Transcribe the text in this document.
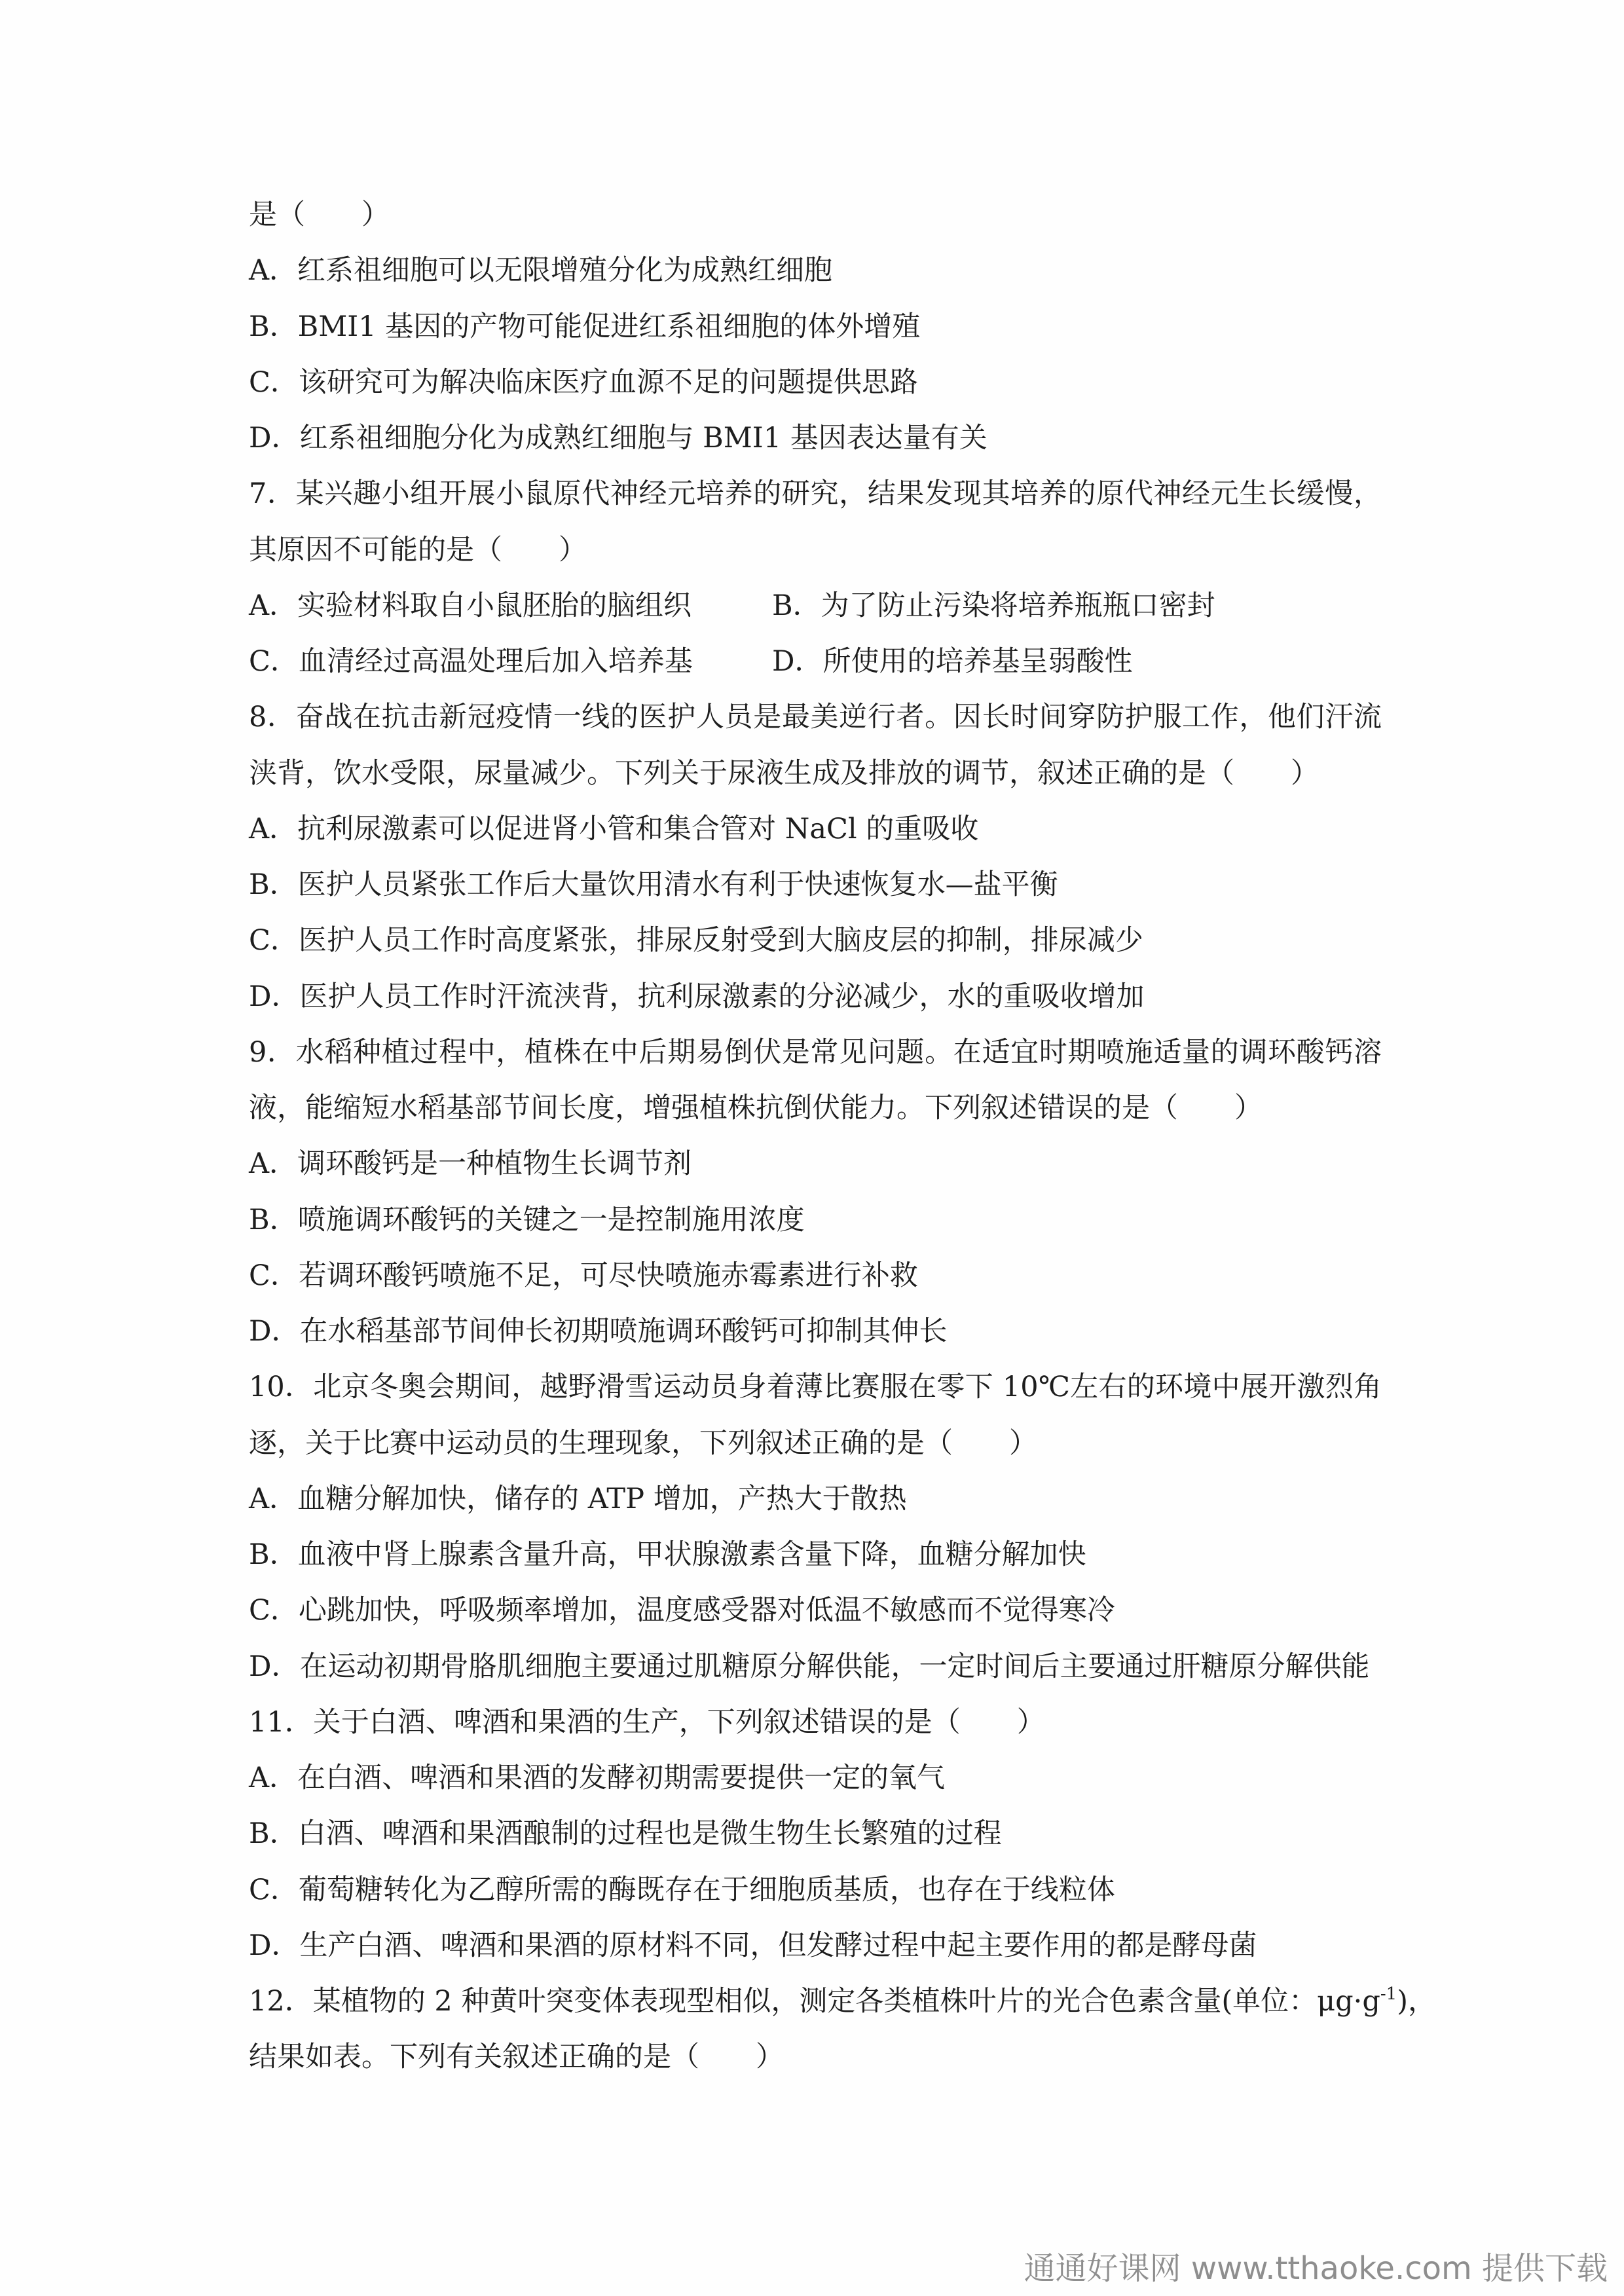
是（　　）
A．红系祖细胞可以无限增殖分化为成熟红细胞
B．BMI1 基因的产物可能促进红系祖细胞的体外增殖
C．该研究可为解决临床医疗血源不足的问题提供思路
D．红系祖细胞分化为成熟红细胞与 BMI1 基因表达量有关
7．某兴趣小组开展小鼠原代神经元培养的研究，结果发现其培养的原代神经元生长缓慢，
其原因不可能的是（　　）
A．实验材料取自小鼠胚胎的脑组织	B．为了防止污染将培养瓶瓶口密封
C．血清经过高温处理后加入培养基	D．所使用的培养基呈弱酸性
8．奋战在抗击新冠疫情一线的医护人员是最美逆行者。因长时间穿防护服工作，他们汗流
浃背，饮水受限，尿量减少。下列关于尿液生成及排放的调节，叙述正确的是（　　）
A．抗利尿激素可以促进肾小管和集合管对 NaCl 的重吸收
B．医护人员紧张工作后大量饮用清水有利于快速恢复水—盐平衡
C．医护人员工作时高度紧张，排尿反射受到大脑皮层的抑制，排尿减少
D．医护人员工作时汗流浃背，抗利尿激素的分泌减少，水的重吸收增加
9．水稻种植过程中，植株在中后期易倒伏是常见问题。在适宜时期喷施适量的调环酸钙溶
液，能缩短水稻基部节间长度，增强植株抗倒伏能力。下列叙述错误的是（　　）
A．调环酸钙是一种植物生长调节剂
B．喷施调环酸钙的关键之一是控制施用浓度
C．若调环酸钙喷施不足，可尽快喷施赤霉素进行补救
D．在水稻基部节间伸长初期喷施调环酸钙可抑制其伸长
10．北京冬奥会期间，越野滑雪运动员身着薄比赛服在零下 10℃左右的环境中展开激烈角
逐，关于比赛中运动员的生理现象，下列叙述正确的是（　　）
A．血糖分解加快，储存的 ATP 增加，产热大于散热
B．血液中肾上腺素含量升高，甲状腺激素含量下降，血糖分解加快
C．心跳加快，呼吸频率增加，温度感受器对低温不敏感而不觉得寒冷
D．在运动初期骨胳肌细胞主要通过肌糖原分解供能，一定时间后主要通过肝糖原分解供能
11．关于白酒、啤酒和果酒的生产，下列叙述错误的是（　　）
A．在白酒、啤酒和果酒的发酵初期需要提供一定的氧气
B．白酒、啤酒和果酒酿制的过程也是微生物生长繁殖的过程
C．葡萄糖转化为乙醇所需的酶既存在于细胞质基质，也存在于线粒体
D．生产白酒、啤酒和果酒的原材料不同，但发酵过程中起主要作用的都是酵母菌
12．某植物的 2 种黄叶突变体表现型相似，测定各类植株叶片的光合色素含量(单位：$\mu g\cdot g^{-1}$)，
结果如表。下列有关叙述正确的是（　　）
通通好课网 www.tthaoke.com 提供下载
